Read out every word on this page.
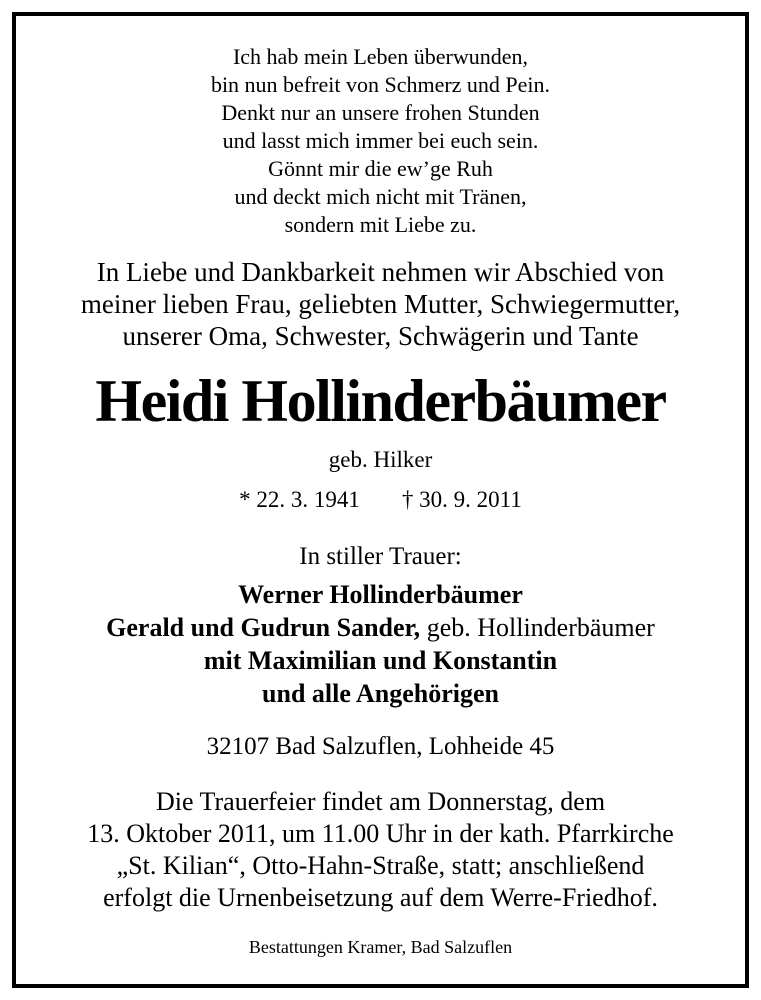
Ich hab mein Leben überwunden,
bin nun befreit von Schmerz und Pein.
Denkt nur an unsere frohen Stunden
und lasst mich immer bei euch sein.
Gönnt mir die ew’ge Ruh
und deckt mich nicht mit Tränen,
sondern mit Liebe zu.
In Liebe und Dankbarkeit nehmen wir Abschied von
meiner lieben Frau, geliebten Mutter, Schwiegermutter,
unserer Oma, Schwester, Schwägerin und Tante
Heidi Hollinderbäumer
geb. Hilker
* 22. 3. 1941 † 30. 9. 2011
In stiller Trauer:
Werner Hollinderbäumer
Gerald und Gudrun Sander, geb. Hollinderbäumer
mit Maximilian und Konstantin
und alle Angehörigen
32107 Bad Salzuflen, Lohheide 45
Die Trauerfeier findet am Donnerstag, dem
13. Oktober 2011, um 11.00 Uhr in der kath. Pfarrkirche
„St. Kilian“, Otto-Hahn-Straße, statt; anschließend
erfolgt die Urnenbeisetzung auf dem Werre-Friedhof.
Bestattungen Kramer, Bad Salzuflen
